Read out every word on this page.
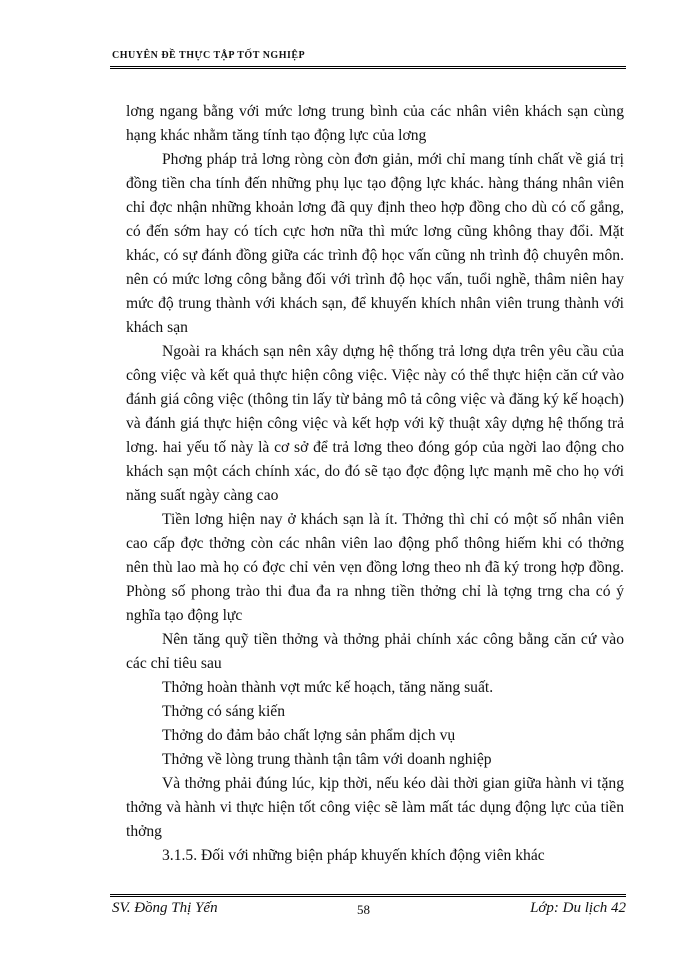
CHUYÊN ĐỀ THỰC TẬP TỐT NGHIỆP

lơng ngang bằng với mức lơng trung bình của các nhân viên khách sạn cùng hạng khác nhằm tăng tính tạo động lực của lơng

Phơng pháp trả lơng ròng còn đơn giản, mới chỉ mang tính chất về giá trị đồng tiền cha tính đến những phụ lục tạo động lực khác. hàng tháng nhân viên chỉ đợc nhận những khoản lơng đã quy định theo hợp đồng cho dù có cố gắng, có đến sớm hay có tích cực hơn nữa thì mức lơng cũng không thay đổi. Mặt khác, có sự đánh đồng giữa các trình độ học vấn cũng nh trình độ chuyên môn. nên có mức lơng công bằng đối với trình độ học vấn, tuổi nghề, thâm niên hay mức độ trung thành với khách sạn, để khuyến khích nhân viên trung thành với khách sạn

Ngoài ra khách sạn nên xây dựng hệ thống trả lơng dựa trên yêu cầu của công việc và kết quả thực hiện công việc. Việc này có thể thực hiện căn cứ vào đánh giá công việc (thông tin lấy từ bảng mô tả công việc và đăng ký kế hoạch) và đánh giá thực hiện công việc và kết hợp với kỹ thuật xây dựng hệ thống trả lơng. hai yếu tố này là cơ sở để trả lơng theo đóng góp của ngời lao động cho khách sạn một cách chính xác, do đó sẽ tạo đợc động lực mạnh mẽ cho họ với năng suất ngày càng cao

Tiền lơng hiện nay ở khách sạn là ít. Thởng thì chỉ có một số nhân viên cao cấp đợc thởng còn các nhân viên lao động phổ thông hiếm khi có thởng nên thù lao mà họ có đợc chỉ vẻn vẹn đồng lơng theo nh đã ký trong hợp đồng. Phòng số phong trào thi đua đa ra nhng tiền thởng chỉ là tợng trng cha có ý nghĩa tạo động lực

Nên tăng quỹ tiền thởng và thởng phải chính xác công bằng căn cứ vào các chỉ tiêu sau

Thởng hoàn thành vợt mức kế hoạch, tăng năng suất.

Thởng có sáng kiến

Thởng do đảm bảo chất lợng sản phẩm dịch vụ

Thởng về lòng trung thành tận tâm với doanh nghiệp

Và thởng phải đúng lúc, kịp thời, nếu kéo dài thời gian giữa hành vi tặng thởng và hành vi thực hiện tốt công việc sẽ làm mất tác dụng động lực của tiền thởng

3.1.5. Đối với những biện pháp khuyến khích động viên khác

SV. Đồng Thị Yến	58	Lớp: Du lịch 42
